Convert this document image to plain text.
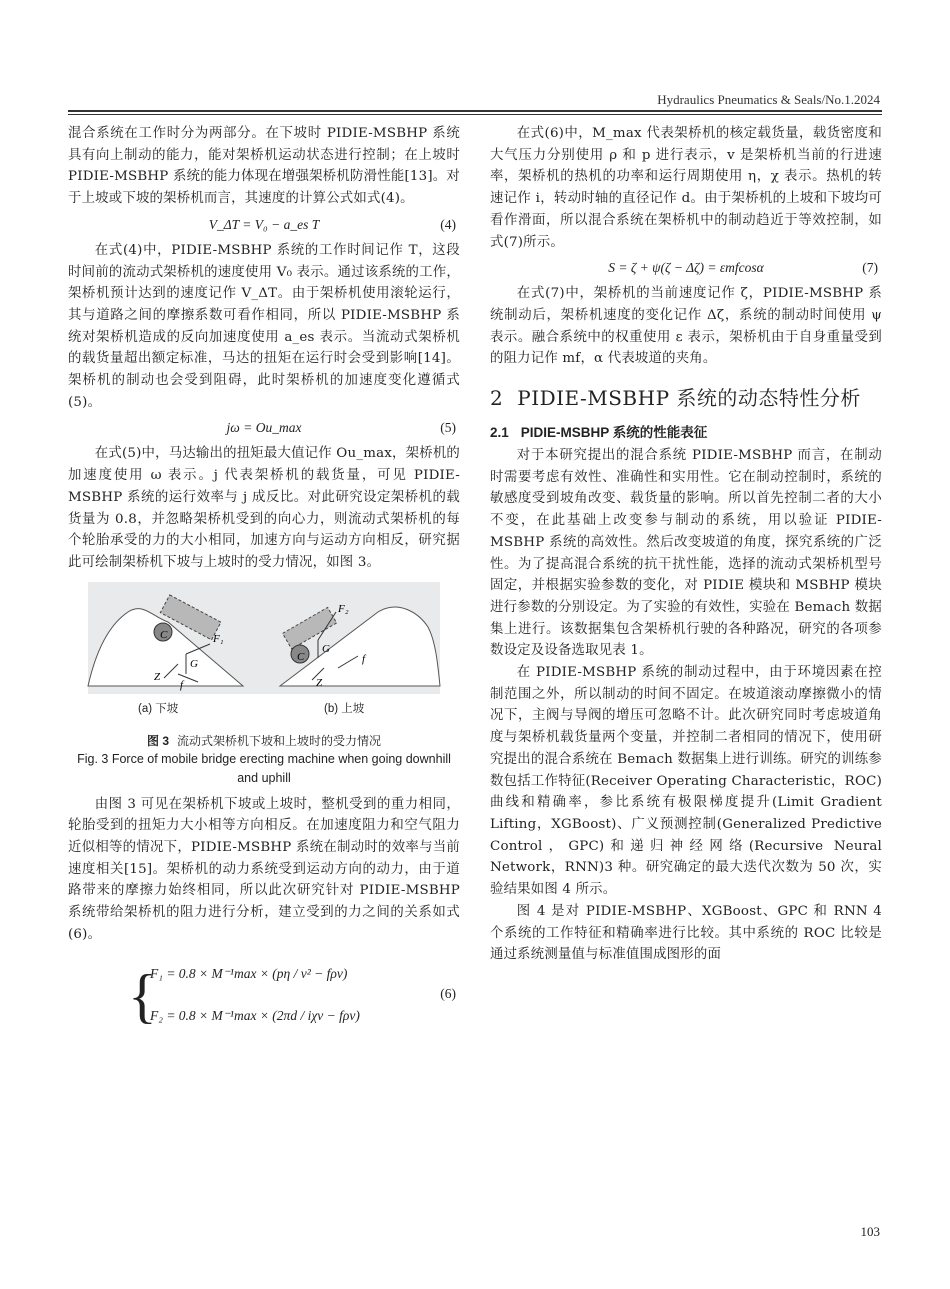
Hydraulics Pneumatics & Seals/No.1.2024

混合系统在工作时分为两部分。在下坡时 PIDIE-MSBHP 系统具有向上制动的能力，能对架桥机运动状态进行控制；在上坡时 PIDIE-MSBHP 系统的能力体现在增强架桥机防滑性能[13]。对于上坡或下坡的架桥机而言，其速度的计算公式如式(4)。

V_ΔT = V₀ − a_es T	(4)

在式(4)中，PIDIE-MSBHP 系统的工作时间记作 T，这段时间前的流动式架桥机的速度使用 V₀ 表示。通过该系统的工作，架桥机预计达到的速度记作 V_ΔT。由于架桥机使用滚轮运行，其与道路之间的摩擦系数可看作相同，所以 PIDIE-MSBHP 系统对架桥机造成的反向加速度使用 a_es 表示。当流动式架桥机的载货量超出额定标准，马达的扭矩在运行时会受到影响[14]。架桥机的制动也会受到阻碍，此时架桥机的加速度变化遵循式(5)。

jω = Ou_max	(5)

在式(5)中，马达输出的扭矩最大值记作 Ou_max，架桥机的加速度使用 ω 表示。j 代表架桥机的载货量，可见 PIDIE-MSBHP 系统的运行效率与 j 成反比。对此研究设定架桥机的载货量为 0.8，并忽略架桥机受到的向心力，则流动式架桥机的每个轮胎承受的力的大小相同，加速方向与运动方向相反，研究据此可绘制架桥机下坡与上坡时的受力情况，如图 3。

C	F₁
G
Z
f
C
F₂
G
Z
f
(a) 下坡	(b) 上坡
图 3 流动式架桥机下坡和上坡时的受力情况
Fig. 3 Force of mobile bridge erecting machine when going downhill and uphill

由图 3 可见在架桥机下坡或上坡时，整机受到的重力相同，轮胎受到的扭矩力大小相等方向相反。在加速度阻力和空气阻力近似相等的情况下，PIDIE-MSBHP 系统在制动时的效率与当前速度相关[15]。架桥机的动力系统受到运动方向的动力，由于道路带来的摩擦力始终相同，所以此次研究针对 PIDIE-MSBHP 系统带给架桥机的阻力进行分析，建立受到的力之间的关系如式(6)。

{
F₁ = 0.8 × M⁻¹max × (pη / v² − fρv)
F₂ = 0.8 × M⁻¹max × (2πd / iχv − fρv)
(6)

在式(6)中，M_max 代表架桥机的核定载货量，载货密度和大气压力分别使用 ρ 和 p 进行表示，v 是架桥机当前的行进速率，架桥机的热机的功率和运行周期使用 η，χ 表示。热机的转速记作 i，转动时轴的直径记作 d。由于架桥机的上坡和下坡均可看作滑面，所以混合系统在架桥机中的制动趋近于等效控制，如式(7)所示。

S = ζ + ψ(ζ − Δζ) = εmfcosα	(7)

在式(7)中，架桥机的当前速度记作 ζ，PIDIE-MSBHP 系统制动后，架桥机速度的变化记作 Δζ，系统的制动时间使用 ψ 表示。融合系统中的权重使用 ε 表示，架桥机由于自身重量受到的阻力记作 mf，α 代表坡道的夹角。

2 PIDIE-MSBHP 系统的动态特性分析
2.1 PIDIE-MSBHP 系统的性能表征

对于本研究提出的混合系统 PIDIE-MSBHP 而言，在制动时需要考虑有效性、准确性和实用性。它在制动控制时，系统的敏感度受到坡角改变、载货量的影响。所以首先控制二者的大小不变，在此基础上改变参与制动的系统，用以验证 PIDIE-MSBHP 系统的高效性。然后改变坡道的角度，探究系统的广泛性。为了提高混合系统的抗干扰性能，选择的流动式架桥机型号固定，并根据实验参数的变化，对 PIDIE 模块和 MSBHP 模块进行参数的分别设定。为了实验的有效性，实验在 Bemach 数据集上进行。该数据集包含架桥机行驶的各种路况，研究的各项参数设定及设备选取见表 1。

在 PIDIE-MSBHP 系统的制动过程中，由于环境因素在控制范围之外，所以制动的时间不固定。在坡道滚动摩擦微小的情况下，主阀与导阀的增压可忽略不计。此次研究同时考虑坡道角度与架桥机载货量两个变量，并控制二者相同的情况下，使用研究提出的混合系统在 Bemach 数据集上进行训练。研究的训练参数包括工作特征(Receiver Operating Characteristic，ROC)曲线和精确率，参比系统有极限梯度提升(Limit Gradient Lifting，XGBoost)、广义预测控制(Generalized Predictive Control，GPC)和递归神经网络(Recursive Neural Network，RNN)3 种。研究确定的最大迭代次数为 50 次，实验结果如图 4 所示。

图 4 是对 PIDIE-MSBHP、XGBoost、GPC 和 RNN 4 个系统的工作特征和精确率进行比较。其中系统的 ROC 比较是通过系统测量值与标准值围成图形的面

103
